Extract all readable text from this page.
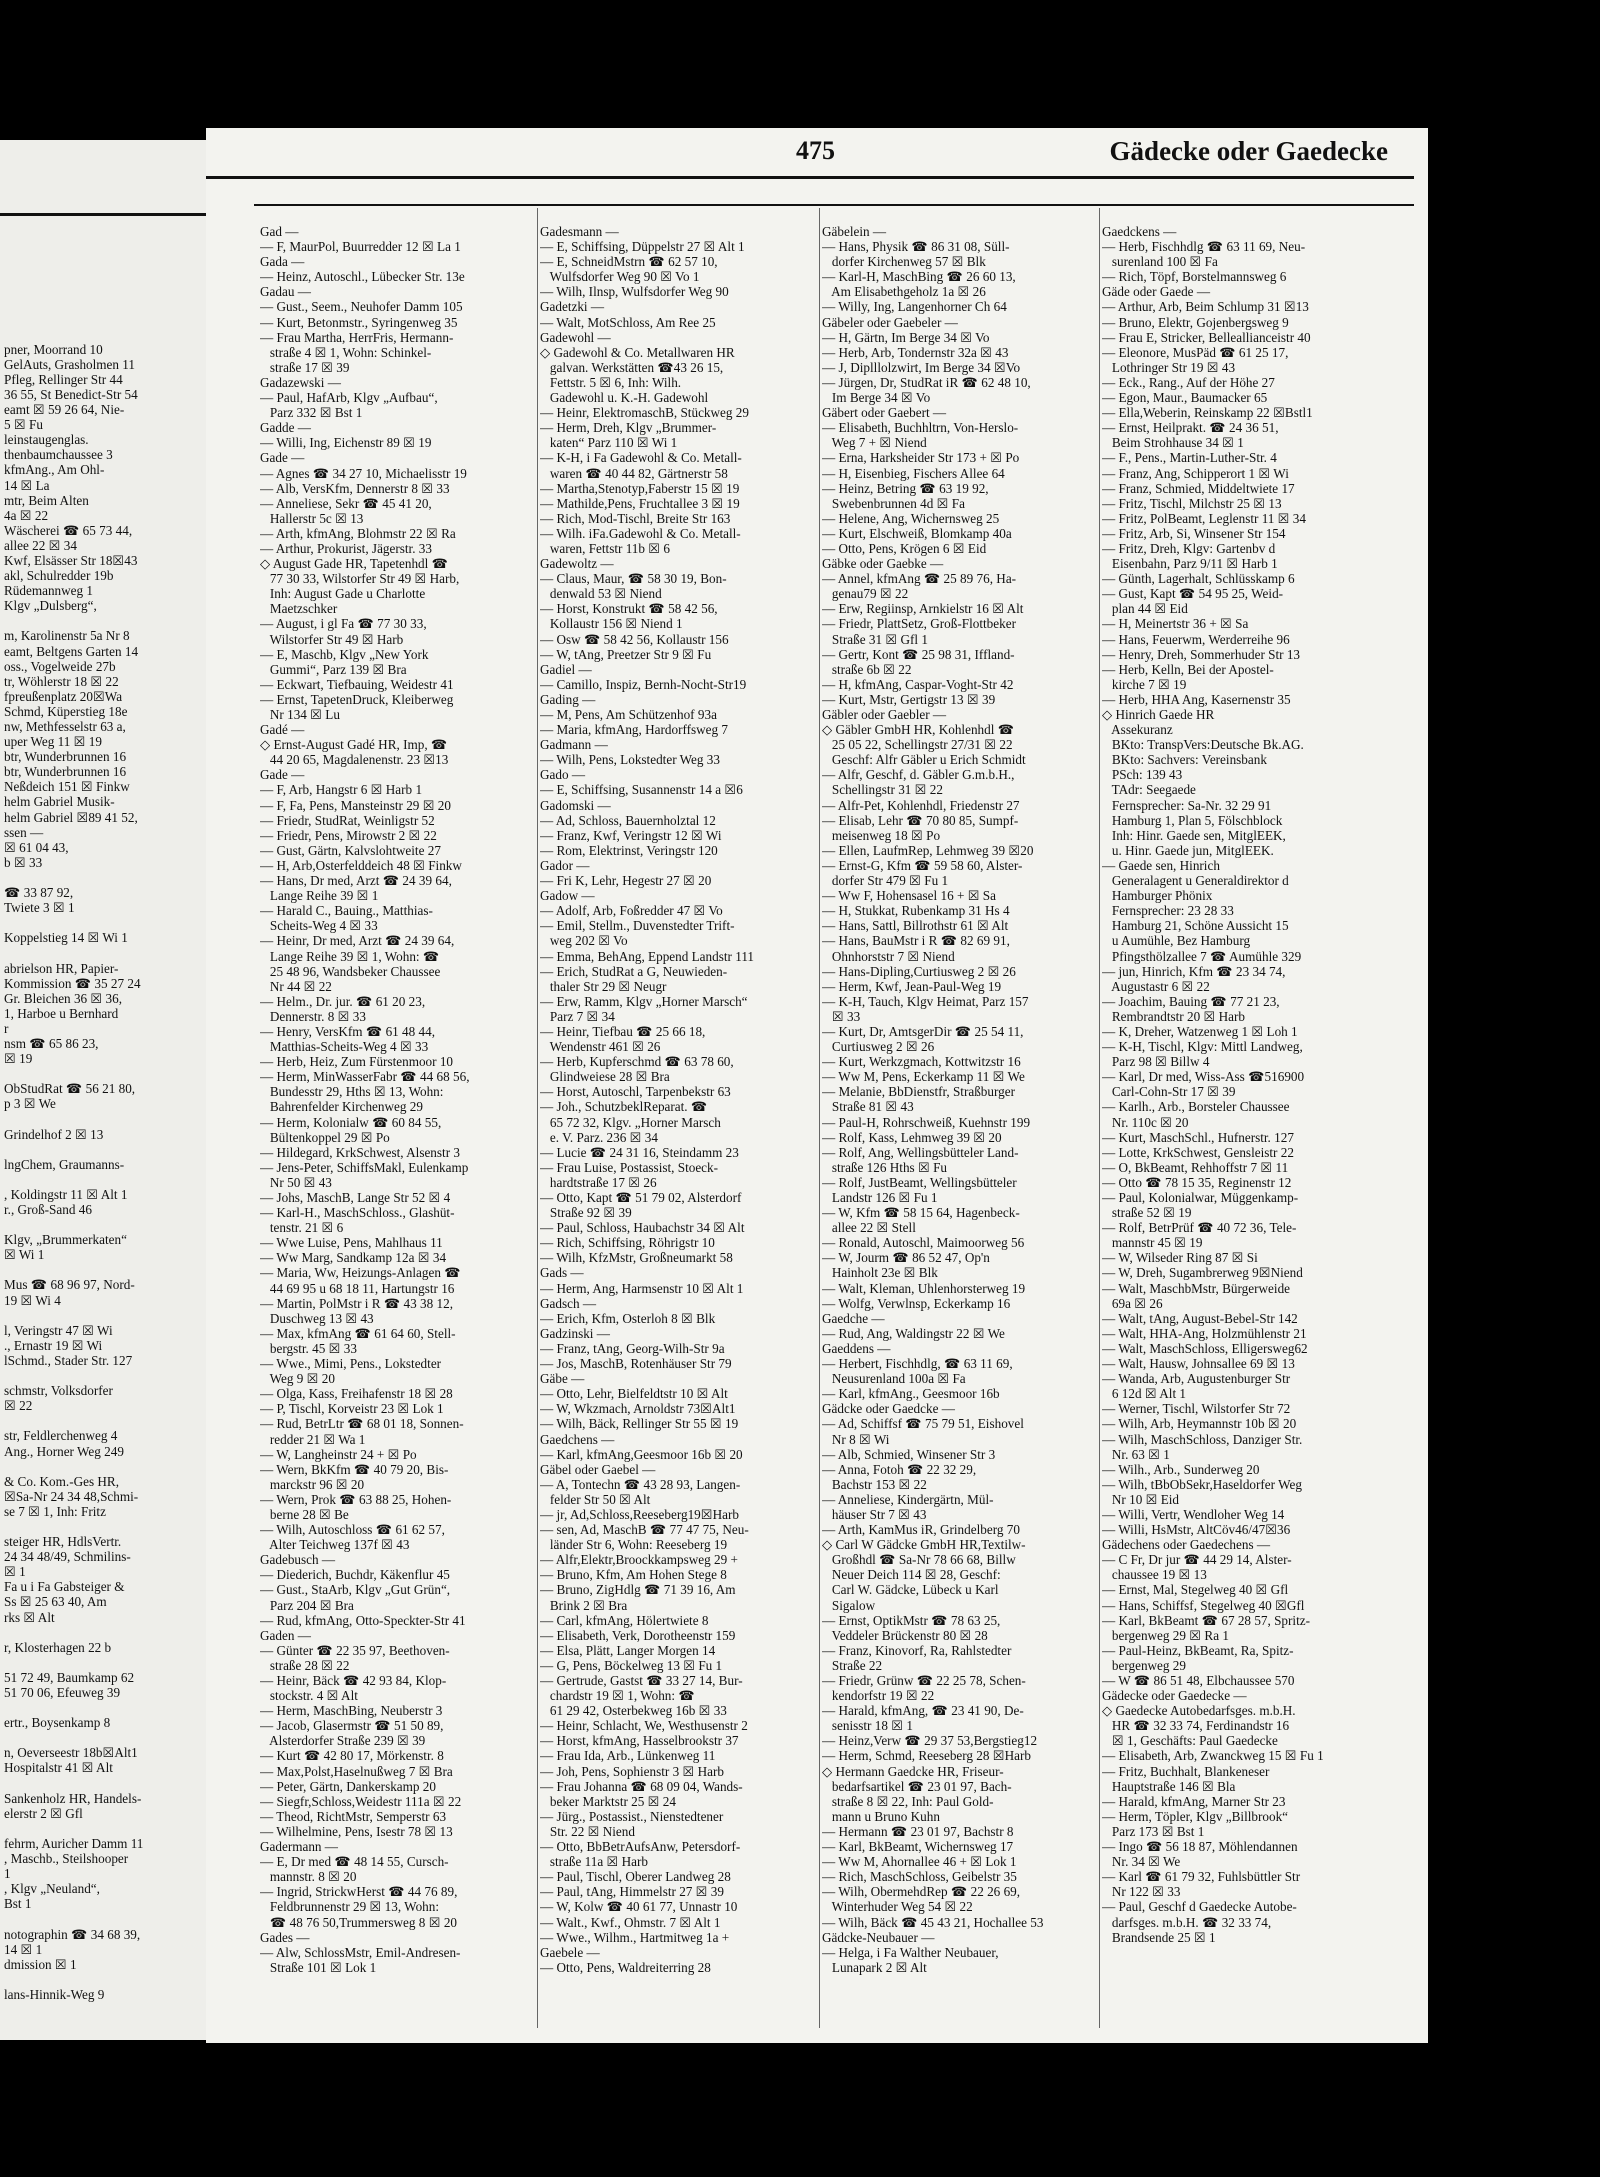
pner, Moorrand 10
GelAuts, Grasholmen 11
Pfleg, Rellinger Str 44
36 55, St Benedict-Str 54
eamt ☒ 59 26 64, Nie-
5 ☒ Fu
leinstaugenglas.
thenbaumchaussee 3
kfmAng., Am Ohl-
14 ☒ La
mtr, Beim Alten
4a ☒ 22
Wäscherei ☎ 65 73 44,
allee 22 ☒ 34
Kwf, Elsässer Str 18☒43
akl, Schulredder 19b
Rüdemannweg 1
Klgv „Dulsberg“,

m, Karolinenstr 5a Nr 8
eamt, Beltgens Garten 14
oss., Vogelweide 27b
tr, Wöhlerstr 18 ☒ 22
fpreußenplatz 20☒Wa
Schmd, Küperstieg 18e
nw, Methfesselstr 63 a,
uper Weg 11 ☒ 19
btr, Wunderbrunnen 16
btr, Wunderbrunnen 16
Neßdeich 151 ☒ Finkw
helm Gabriel Musik-
helm Gabriel ☒89 41 52,
ssen —
☒ 61 04 43,
b ☒ 33

☎ 33 87 92,
Twiete 3 ☒ 1

Koppelstieg 14 ☒ Wi 1

abrielson HR, Papier-
Kommission ☎ 35 27 24
Gr. Bleichen 36 ☒ 36,
1, Harboe u Bernhard
r
nsm ☎ 65 86 23,
☒ 19

ObStudRat ☎ 56 21 80,
p 3 ☒ We

Grindelhof 2 ☒ 13

lngChem, Graumanns-

, Koldingstr 11 ☒ Alt 1
r., Groß-Sand 46

Klgv, „Brummerkaten“
☒ Wi 1

Mus ☎ 68 96 97, Nord-
19 ☒ Wi 4

l, Veringstr 47 ☒ Wi
., Ernastr 19 ☒ Wi
lSchmd., Stader Str. 127

schmstr, Volksdorfer
☒ 22

str, Feldlerchenweg 4
Ang., Horner Weg 249

& Co. Kom.-Ges HR,
☒Sa-Nr 24 34 48,Schmi-
se 7 ☒ 1, Inh: Fritz

steiger HR, HdlsVertr.
24 34 48/49, Schmilins-
☒ 1
Fa u i Fa Gabsteiger &
Ss ☒ 25 63 40, Am
rks ☒ Alt

r, Klosterhagen 22 b

51 72 49, Baumkamp 62
51 70 06, Efeuweg 39

ertr., Boysenkamp 8

n, Oeverseestr 18b☒Alt1
Hospitalstr 41 ☒ Alt

Sankenholz HR, Handels-
elerstr 2 ☒ Gfl

fehrm, Auricher Damm 11
, Maschb., Steilshooper
1
, Klgv „Neuland“,
Bst 1

notographin ☎ 34 68 39,
14 ☒ 1
dmission ☒ 1

lans-Hinnik-Weg 9
475	Gädecke oder Gaedecke
Gad —
— F, MaurPol, Buurredder 12 ☒ La 1
Gada —
— Heinz, Autoschl., Lübecker Str. 13e
Gadau —
— Gust., Seem., Neuhofer Damm 105
— Kurt, Betonmstr., Syringenweg 35
— Frau Martha, HerrFris, Hermann-
straße 4 ☒ 1, Wohn: Schinkel-
straße 17 ☒ 39
Gadazewski —
— Paul, HafArb, Klgv „Aufbau“,
Parz 332 ☒ Bst 1
Gadde —
— Willi, Ing, Eichenstr 89 ☒ 19
Gade —
— Agnes ☎ 34 27 10, Michaelisstr 19
— Alb, VersKfm, Dennerstr 8 ☒ 33
— Anneliese, Sekr ☎ 45 41 20,
Hallerstr 5c ☒ 13
— Arth, kfmAng, Blohmstr 22 ☒ Ra
— Arthur, Prokurist, Jägerstr. 33
◇ August Gade HR, Tapetenhdl ☎
77 30 33, Wilstorfer Str 49 ☒ Harb,
Inh: August Gade u Charlotte
Maetzschker
— August, i gl Fa ☎ 77 30 33,
Wilstorfer Str 49 ☒ Harb
— E, Maschb, Klgv „New York
Gummi“, Parz 139 ☒ Bra
— Eckwart, Tiefbauing, Weidestr 41
— Ernst, TapetenDruck, Kleiberweg
Nr 134 ☒ Lu
Gadé —
◇ Ernst-August Gadé HR, Imp, ☎
44 20 65, Magdalenenstr. 23 ☒13
Gade —
— F, Arb, Hangstr 6 ☒ Harb 1
— F, Fa, Pens, Mansteinstr 29 ☒ 20
— Friedr, StudRat, Weinligstr 52
— Friedr, Pens, Mirowstr 2 ☒ 22
— Gust, Gärtn, Kalvslohtweite 27
— H, Arb,Osterfelddeich 48 ☒ Finkw
— Hans, Dr med, Arzt ☎ 24 39 64,
Lange Reihe 39 ☒ 1
— Harald C., Bauing., Matthias-
Scheits-Weg 4 ☒ 33
— Heinr, Dr med, Arzt ☎ 24 39 64,
Lange Reihe 39 ☒ 1, Wohn: ☎
25 48 96, Wandsbeker Chaussee
Nr 44 ☒ 22
— Helm., Dr. jur. ☎ 61 20 23,
Dennerstr. 8 ☒ 33
— Henry, VersKfm ☎ 61 48 44,
Matthias-Scheits-Weg 4 ☒ 33
— Herb, Heiz, Zum Fürstenmoor 10
— Herm, MinWasserFabr ☎ 44 68 56,
Bundesstr 29, Hths ☒ 13, Wohn:
Bahrenfelder Kirchenweg 29
— Herm, Kolonialw ☎ 60 84 55,
Bültenkoppel 29 ☒ Po
— Hildegard, KrkSchwest, Alsenstr 3
— Jens-Peter, SchiffsMakl, Eulenkamp
Nr 50 ☒ 43
— Johs, MaschB, Lange Str 52 ☒ 4
— Karl-H., MaschSchloss., Glashüt-
tenstr. 21 ☒ 6
— Wwe Luise, Pens, Mahlhaus 11
— Ww Marg, Sandkamp 12a ☒ 34
— Maria, Ww, Heizungs-Anlagen ☎
44 69 95 u 68 18 11, Hartungstr 16
— Martin, PolMstr i R ☎ 43 38 12,
Duschweg 13 ☒ 43
— Max, kfmAng ☎ 61 64 60, Stell-
bergstr. 45 ☒ 33
— Wwe., Mimi, Pens., Lokstedter
Weg 9 ☒ 20
— Olga, Kass, Freihafenstr 18 ☒ 28
— P, Tischl, Korveistr 23 ☒ Lok 1
— Rud, BetrLtr ☎ 68 01 18, Sonnen-
redder 21 ☒ Wa 1
— W, Langheinstr 24 + ☒ Po
— Wern, BkKfm ☎ 40 79 20, Bis-
marckstr 96 ☒ 20
— Wern, Prok ☎ 63 88 25, Hohen-
berne 28 ☒ Be
— Wilh, Autoschloss ☎ 61 62 57,
Alter Teichweg 137f ☒ 43
Gadebusch —
— Diederich, Buchdr, Käkenflur 45
— Gust., StaArb, Klgv „Gut Grün“,
Parz 204 ☒ Bra
— Rud, kfmAng, Otto-Speckter-Str 41
Gaden —
— Günter ☎ 22 35 97, Beethoven-
straße 28 ☒ 22
— Heinr, Bäck ☎ 42 93 84, Klop-
stockstr. 4 ☒ Alt
— Herm, MaschBing, Neuberstr 3
— Jacob, Glasermstr ☎ 51 50 89,
Alsterdorfer Straße 239 ☒ 39
— Kurt ☎ 42 80 17, Mörkenstr. 8
— Max,Polst,Haselnußweg 7 ☒ Bra
— Peter, Gärtn, Dankerskamp 20
— Siegfr,Schloss,Weidestr 111a ☒ 22
— Theod, RichtMstr, Semperstr 63
— Wilhelmine, Pens, Isestr 78 ☒ 13
Gadermann —
— E, Dr med ☎ 48 14 55, Cursch-
mannstr. 8 ☒ 20
— Ingrid, StrickwHerst ☎ 44 76 89,
Feldbrunnenstr 29 ☒ 13, Wohn:
☎ 48 76 50,Trummersweg 8 ☒ 20
Gades —
— Alw, SchlossMstr, Emil-Andresen-
Straße 101 ☒ Lok 1
Gadesmann —
— E, Schiffsing, Düppelstr 27 ☒ Alt 1
— E, SchneidMstrn ☎ 62 57 10,
Wulfsdorfer Weg 90 ☒ Vo 1
— Wilh, Ilnsp, Wulfsdorfer Weg 90
Gadetzki —
— Walt, MotSchloss, Am Ree 25
Gadewohl —
◇ Gadewohl & Co. Metallwaren HR
galvan. Werkstätten ☎43 26 15,
Fettstr. 5 ☒ 6, Inh: Wilh.
Gadewohl u. K.-H. Gadewohl
— Heinr, ElektromaschB, Stückweg 29
— Herm, Dreh, Klgv „Brummer-
katen“ Parz 110 ☒ Wi 1
— K-H, i Fa Gadewohl & Co. Metall-
waren ☎ 40 44 82, Gärtnerstr 58
— Martha,Stenotyp,Faberstr 15 ☒ 19
— Mathilde,Pens, Fruchtallee 3 ☒ 19
— Rich, Mod-Tischl, Breite Str 163
— Wilh. iFa.Gadewohl & Co. Metall-
waren, Fettstr 11b ☒ 6
Gadewoltz —
— Claus, Maur, ☎ 58 30 19, Bon-
denwald 53 ☒ Niend
— Horst, Konstrukt ☎ 58 42 56,
Kollaustr 156 ☒ Niend 1
— Osw ☎ 58 42 56, Kollaustr 156
— W, tAng, Preetzer Str 9 ☒ Fu
Gadiel —
— Camillo, Inspiz, Bernh-Nocht-Str19
Gading —
— M, Pens, Am Schützenhof 93a
— Maria, kfmAng, Hardorffsweg 7
Gadmann —
— Wilh, Pens, Lokstedter Weg 33
Gado —
— E, Schiffsing, Susannenstr 14 a ☒6
Gadomski —
— Ad, Schloss, Bauernholztal 12
— Franz, Kwf, Veringstr 12 ☒ Wi
— Rom, Elektrinst, Veringstr 120
Gador —
— Fri K, Lehr, Hegestr 27 ☒ 20
Gadow —
— Adolf, Arb, Foßredder 47 ☒ Vo
— Emil, Stellm., Duvenstedter Trift-
weg 202 ☒ Vo
— Emma, BehAng, Eppend Landstr 111
— Erich, StudRat a G, Neuwieden-
thaler Str 29 ☒ Neugr
— Erw, Ramm, Klgv „Horner Marsch“
Parz 7 ☒ 34
— Heinr, Tiefbau ☎ 25 66 18,
Wendenstr 461 ☒ 26
— Herb, Kupferschmd ☎ 63 78 60,
Glindweiese 28 ☒ Bra
— Horst, Autoschl, Tarpenbekstr 63
— Joh., SchutzbeklReparat. ☎
65 72 32, Klgv. „Horner Marsch
e. V. Parz. 236 ☒ 34
— Lucie ☎ 24 31 16, Steindamm 23
— Frau Luise, Postassist, Stoeck-
hardtstraße 17 ☒ 26
— Otto, Kapt ☎ 51 79 02, Alsterdorf
Straße 92 ☒ 39
— Paul, Schloss, Haubachstr 34 ☒ Alt
— Rich, Schiffsing, Röhrigstr 10
— Wilh, KfzMstr, Großneumarkt 58
Gads —
— Herm, Ang, Harmsenstr 10 ☒ Alt 1
Gadsch —
— Erich, Kfm, Osterloh 8 ☒ Blk
Gadzinski —
— Franz, tAng, Georg-Wilh-Str 9a
— Jos, MaschB, Rotenhäuser Str 79
Gäbe —
— Otto, Lehr, Bielfeldtstr 10 ☒ Alt
— W, Wkzmach, Arnoldstr 73☒Alt1
— Wilh, Bäck, Rellinger Str 55 ☒ 19
Gaedchens —
— Karl, kfmAng,Geesmoor 16b ☒ 20
Gäbel oder Gaebel —
— A, Tontechn ☎ 43 28 93, Langen-
felder Str 50 ☒ Alt
— jr, Ad,Schloss,Reeseberg19☒Harb
— sen, Ad, MaschB ☎ 77 47 75, Neu-
länder Str 6, Wohn: Reeseberg 19
— Alfr,Elektr,Broockkampsweg 29 +
— Bruno, Kfm, Am Hohen Stege 8
— Bruno, ZigHdlg ☎ 71 39 16, Am
Brink 2 ☒ Bra
— Carl, kfmAng, Hölertwiete 8
— Elisabeth, Verk, Dorotheenstr 159
— Elsa, Plätt, Langer Morgen 14
— G, Pens, Böckelweg 13 ☒ Fu 1
— Gertrude, Gastst ☎ 33 27 14, Bur-
chardstr 19 ☒ 1, Wohn: ☎
61 29 42, Osterbekweg 16b ☒ 33
— Heinr, Schlacht, We, Westhusenstr 2
— Horst, kfmAng, Hasselbrookstr 37
— Frau Ida, Arb., Lünkenweg 11
— Joh, Pens, Sophienstr 3 ☒ Harb
— Frau Johanna ☎ 68 09 04, Wands-
beker Marktstr 25 ☒ 24
— Jürg., Postassist., Nienstedtener
Str. 22 ☒ Niend
— Otto, BbBetrAufsAnw, Petersdorf-
straße 11a ☒ Harb
— Paul, Tischl, Oberer Landweg 28
— Paul, tAng, Himmelstr 27 ☒ 39
— W, Kolw ☎ 40 61 77, Unnastr 10
— Walt., Kwf., Ohmstr. 7 ☒ Alt 1
— Wwe., Wilhm., Hartmitweg 1a +
Gaebele —
— Otto, Pens, Waldreiterring 28
Gäbelein —
— Hans, Physik ☎ 86 31 08, Süll-
dorfer Kirchenweg 57 ☒ Blk
— Karl-H, MaschBing ☎ 26 60 13,
Am Elisabethgeholz 1a ☒ 26
— Willy, Ing, Langenhorner Ch 64
Gäbeler oder Gaebeler —
— H, Gärtn, Im Berge 34 ☒ Vo
— Herb, Arb, Tondernstr 32a ☒ 43
— J, Diplllolzwirt, Im Berge 34 ☒Vo
— Jürgen, Dr, StudRat iR ☎ 62 48 10,
Im Berge 34 ☒ Vo
Gäbert oder Gaebert —
— Elisabeth, Buchhltrn, Von-Herslo-
Weg 7 + ☒ Niend
— Erna, Harksheider Str 173 + ☒ Po
— H, Eisenbieg, Fischers Allee 64
— Heinz, Betring ☎ 63 19 92,
Swebenbrunnen 4d ☒ Fa
— Helene, Ang, Wichernsweg 25
— Kurt, Elschweiß, Blomkamp 40a
— Otto, Pens, Krögen 6 ☒ Eid
Gäbke oder Gaebke —
— Annel, kfmAng ☎ 25 89 76, Ha-
genau79 ☒ 22
— Erw, Regiinsp, Arnkielstr 16 ☒ Alt
— Friedr, PlattSetz, Groß-Flottbeker
Straße 31 ☒ Gfl 1
— Gertr, Kont ☎ 25 98 31, Iffland-
straße 6b ☒ 22
— H, kfmAng, Caspar-Voght-Str 42
— Kurt, Mstr, Gertigstr 13 ☒ 39
Gäbler oder Gaebler —
◇ Gäbler GmbH HR, Kohlenhdl ☎
25 05 22, Schellingstr 27/31 ☒ 22
Geschf: Alfr Gäbler u Erich Schmidt
— Alfr, Geschf, d. Gäbler G.m.b.H.,
Schellingstr 31 ☒ 22
— Alfr-Pet, Kohlenhdl, Friedenstr 27
— Elisab, Lehr ☎ 70 80 85, Sumpf-
meisenweg 18 ☒ Po
— Ellen, LaufmRep, Lehmweg 39 ☒20
— Ernst-G, Kfm ☎ 59 58 60, Alster-
dorfer Str 479 ☒ Fu 1
— Ww F, Hohensasel 16 + ☒ Sa
— H, Stukkat, Rubenkamp 31 Hs 4
— Hans, Sattl, Billrothstr 61 ☒ Alt
— Hans, BauMstr i R ☎ 82 69 91,
Ohnhorststr 7 ☒ Niend
— Hans-Dipling,Curtiusweg 2 ☒ 26
— Herm, Kwf, Jean-Paul-Weg 19
— K-H, Tauch, Klgv Heimat, Parz 157
☒ 33
— Kurt, Dr, AmtsgerDir ☎ 25 54 11,
Curtiusweg 2 ☒ 26
— Kurt, Werkzgmach, Kottwitzstr 16
— Ww M, Pens, Eckerkamp 11 ☒ We
— Melanie, BbDienstfr, Straßburger
Straße 81 ☒ 43
— Paul-H, Rohrschweiß, Kuehnstr 199
— Rolf, Kass, Lehmweg 39 ☒ 20
— Rolf, Ang, Wellingsbütteler Land-
straße 126 Hths ☒ Fu
— Rolf, JustBeamt, Wellingsbütteler
Landstr 126 ☒ Fu 1
— W, Kfm ☎ 58 15 64, Hagenbeck-
allee 22 ☒ Stell
— Ronald, Autoschl, Maimoorweg 56
— W, Jourm ☎ 86 52 47, Op'n
Hainholt 23e ☒ Blk
— Walt, Kleman, Uhlenhorsterweg 19
— Wolfg, Verwlnsp, Eckerkamp 16
Gaedche —
— Rud, Ang, Waldingstr 22 ☒ We
Gaeddens —
— Herbert, Fischhdlg, ☎ 63 11 69,
Neusurenland 100a ☒ Fa
— Karl, kfmAng., Geesmoor 16b
Gädcke oder Gaedcke —
— Ad, Schiffsf ☎ 75 79 51, Eishovel
Nr 8 ☒ Wi
— Alb, Schmied, Winsener Str 3
— Anna, Fotoh ☎ 22 32 29,
Bachstr 153 ☒ 22
— Anneliese, Kindergärtn, Mül-
häuser Str 7 ☒ 43
— Arth, KamMus iR, Grindelberg 70
◇ Carl W Gädcke GmbH HR,Textilw-
Großhdl ☎ Sa-Nr 78 66 68, Billw
Neuer Deich 114 ☒ 28, Geschf:
Carl W. Gädcke, Lübeck u Karl
Sigalow
— Ernst, OptikMstr ☎ 78 63 25,
Veddeler Brückenstr 80 ☒ 28
— Franz, Kinovorf, Ra, Rahlstedter
Straße 22
— Friedr, Grünw ☎ 22 25 78, Schen-
kendorfstr 19 ☒ 22
— Harald, kfmAng, ☎ 23 41 90, De-
senisstr 18 ☒ 1
— Heinz,Verw ☎ 29 37 53,Bergstieg12
— Herm, Schmd, Reeseberg 28 ☒Harb
◇ Hermann Gaedcke HR, Friseur-
bedarfsartikel ☎ 23 01 97, Bach-
straße 8 ☒ 22, Inh: Paul Gold-
mann u Bruno Kuhn
— Hermann ☎ 23 01 97, Bachstr 8
— Karl, BkBeamt, Wichernsweg 17
— Ww M, Ahornallee 46 + ☒ Lok 1
— Rich, MaschSchloss, Geibelstr 35
— Wilh, ObermehdRep ☎ 22 26 69,
Winterhuder Weg 54 ☒ 22
— Wilh, Bäck ☎ 45 43 21, Hochallee 53
Gädcke-Neubauer —
— Helga, i Fa Walther Neubauer,
Lunapark 2 ☒ Alt
Gaedckens —
— Herb, Fischhdlg ☎ 63 11 69, Neu-
surenland 100 ☒ Fa
— Rich, Töpf, Borstelmannsweg 6
Gäde oder Gaede —
— Arthur, Arb, Beim Schlump 31 ☒13
— Bruno, Elektr, Gojenbergsweg 9
— Frau E, Stricker, Belleallianceistr 40
— Eleonore, MusPäd ☎ 61 25 17,
Lothringer Str 19 ☒ 43
— Eck., Rang., Auf der Höhe 27
— Egon, Maur., Baumacker 65
— Ella,Weberin, Reinskamp 22 ☒Bstl1
— Ernst, Heilprakt. ☎ 24 36 51,
Beim Strohhause 34 ☒ 1
— F., Pens., Martin-Luther-Str. 4
— Franz, Ang, Schipperort 1 ☒ Wi
— Franz, Schmied, Middeltwiete 17
— Fritz, Tischl, Milchstr 25 ☒ 13
— Fritz, PolBeamt, Leglenstr 11 ☒ 34
— Fritz, Arb, Si, Winsener Str 154
— Fritz, Dreh, Klgv: Gartenbv d
Eisenbahn, Parz 9/11 ☒ Harb 1
— Günth, Lagerhalt, Schlüsskamp 6
— Gust, Kapt ☎ 54 95 25, Weid-
plan 44 ☒ Eid
— H, Meinertstr 36 + ☒ Sa
— Hans, Feuerwm, Werderreihe 96
— Henry, Dreh, Sommerhuder Str 13
— Herb, Kelln, Bei der Apostel-
kirche 7 ☒ 19
— Herb, HHA Ang, Kasernenstr 35
◇ Hinrich Gaede HR
Assekuranz
BKto: TranspVers:Deutsche Bk.AG.
BKto: Sachvers: Vereinsbank
PSch: 139 43
TAdr: Seegaede
Fernsprecher: Sa-Nr. 32 29 91
Hamburg 1, Plan 5, Fölschblock
Inh: Hinr. Gaede sen, MitglEEK,
u. Hinr. Gaede jun, MitglEEK.
— Gaede sen, Hinrich
Generalagent u Generaldirektor d
Hamburger Phönix
Fernsprecher: 23 28 33
Hamburg 21, Schöne Aussicht 15
u Aumühle, Bez Hamburg
Pfingsthölzallee 7 ☎ Aumühle 329
— jun, Hinrich, Kfm ☎ 23 34 74,
Augustastr 6 ☒ 22
— Joachim, Bauing ☎ 77 21 23,
Rembrandtstr 20 ☒ Harb
— K, Dreher, Watzenweg 1 ☒ Loh 1
— K-H, Tischl, Klgv: Mittl Landweg,
Parz 98 ☒ Billw 4
— Karl, Dr med, Wiss-Ass ☎516900
Carl-Cohn-Str 17 ☒ 39
— Karlh., Arb., Borsteler Chaussee
Nr. 110c ☒ 20
— Kurt, MaschSchl., Hufnerstr. 127
— Lotte, KrkSchwest, Gensleistr 22
— O, BkBeamt, Rehhoffstr 7 ☒ 11
— Otto ☎ 78 15 35, Reginenstr 12
— Paul, Kolonialwar, Müggenkamp-
straße 52 ☒ 19
— Rolf, BetrPrüf ☎ 40 72 36, Tele-
mannstr 45 ☒ 19
— W, Wilseder Ring 87 ☒ Si
— W, Dreh, Sugambrerweg 9☒Niend
— Walt, MaschbMstr, Bürgerweide
69a ☒ 26
— Walt, tAng, August-Bebel-Str 142
— Walt, HHA-Ang, Holzmühlenstr 21
— Walt, MaschSchloss, Elligersweg62
— Walt, Hausw, Johnsallee 69 ☒ 13
— Wanda, Arb, Augustenburger Str
6 12d ☒ Alt 1
— Werner, Tischl, Wilstorfer Str 72
— Wilh, Arb, Heymannstr 10b ☒ 20
— Wilh, MaschSchloss, Danziger Str.
Nr. 63 ☒ 1
— Wilh., Arb., Sunderweg 20
— Wilh, tBbObSekr,Haseldorfer Weg
Nr 10 ☒ Eid
— Willi, Vertr, Wendloher Weg 14
— Willi, HsMstr, AltCöv46/47☒36
Gädechens oder Gaedechens —
— C Fr, Dr jur ☎ 44 29 14, Alster-
chaussee 19 ☒ 13
— Ernst, Mal, Stegelweg 40 ☒ Gfl
— Hans, Schiffsf, Stegelweg 40 ☒Gfl
— Karl, BkBeamt ☎ 67 28 57, Spritz-
bergenweg 29 ☒ Ra 1
— Paul-Heinz, BkBeamt, Ra, Spitz-
bergenweg 29
— W ☎ 86 51 48, Elbchaussee 570
Gädecke oder Gaedecke —
◇ Gaedecke Autobedarfsges. m.b.H.
HR ☎ 32 33 74, Ferdinandstr 16
☒ 1, Geschäfts: Paul Gaedecke
— Elisabeth, Arb, Zwanckweg 15 ☒ Fu 1
— Fritz, Buchhalt, Blankeneser
Hauptstraße 146 ☒ Bla
— Harald, kfmAng, Marner Str 23
— Herm, Töpler, Klgv „Billbrook“
Parz 173 ☒ Bst 1
— Ingo ☎ 56 18 87, Möhlendannen
Nr. 34 ☒ We
— Karl ☎ 61 79 32, Fuhlsbüttler Str
Nr 122 ☒ 33
— Paul, Geschf d Gaedecke Autobe-
darfsges. m.b.H. ☎ 32 33 74,
Brandsende 25 ☒ 1
